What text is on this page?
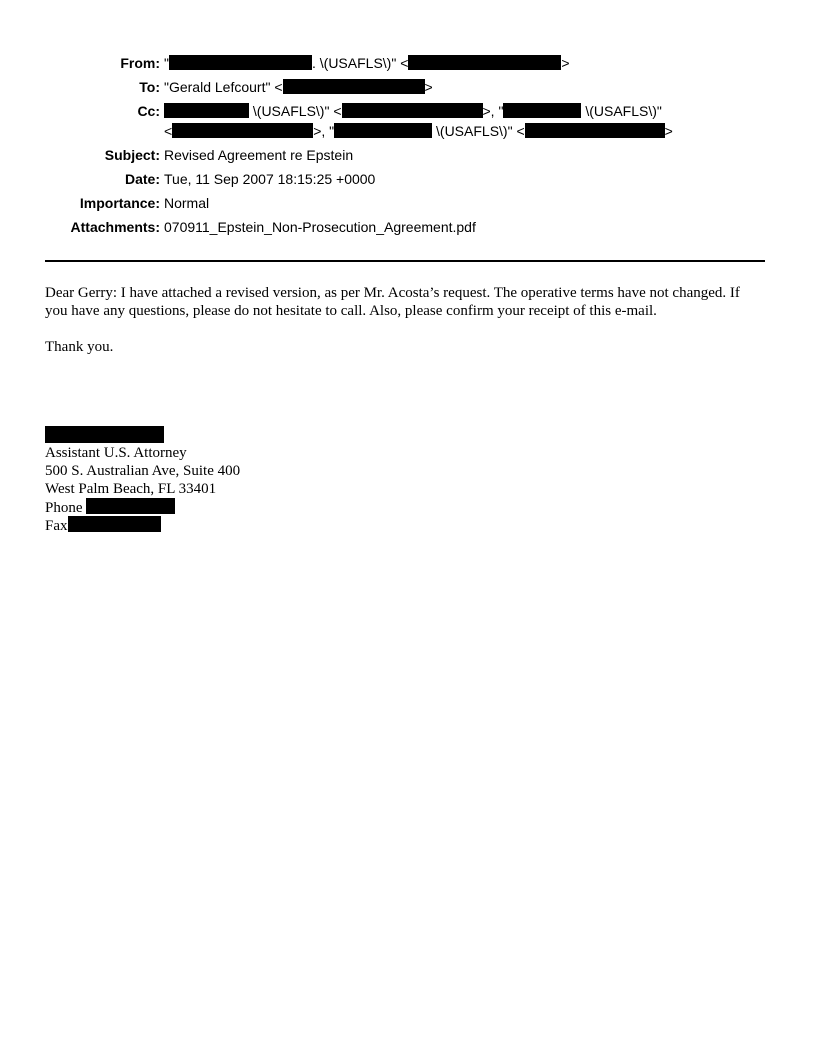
From: "	. \(USAFLS\)" <	>
To: "Gerald Lefcourt" <	>
Cc:	\(USAFLS\)" <	>, "	\(USAFLS\)"
<	>, "	\(USAFLS\)" <	>
Subject: Revised Agreement re Epstein
Date: Tue, 11 Sep 2007 18:15:25 +0000
Importance: Normal
Attachments: 070911_Epstein_Non-Prosecution_Agreement.pdf

Dear Gerry: I have attached a revised version, as per Mr. Acosta’s request. The operative terms have not changed. If you have any questions, please do not hesitate to call. Also, please confirm your receipt of this e-mail.

Thank you.

Assistant U.S. Attorney
500 S. Australian Ave, Suite 400
West Palm Beach, FL 33401
Phone
Fax
